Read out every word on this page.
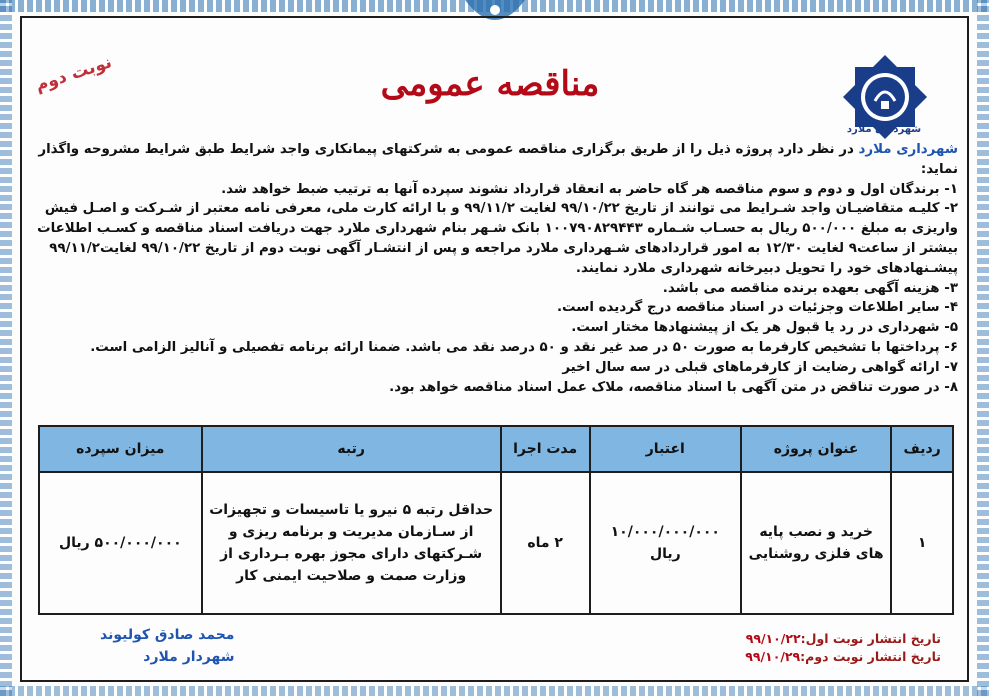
شهرداری ملارد
مناقصه عمومی
نوبت دوم

شهرداری ملارد در نظر دارد پروژه ذیل را از طریق برگزاری مناقصه عمومی به شرکتهای پیمانکاری واجد شرایط طبق شرایط مشروحه واگذار نماید:

۱- برندگان اول و دوم و سوم مناقصه هر گاه حاضر به انعقاد قرارداد نشوند سپرده آنها به ترتیب ضبط خواهد شد.

۲- کلیـه متقاضیـان واجد شـرایط می توانند از تاریخ ۹۹/۱۰/۲۲ لغایت ۹۹/۱۱/۲ و با ارائه کارت ملی، معرفی نامه معتبر از شـرکت و اصـل فیش واریزی به مبلغ ۵۰۰/۰۰۰ ریال به حسـاب شـماره ۱۰۰۷۹۰۸۲۹۴۴۳ بانک شـهر بنام شهرداری ملارد جهت دریافت اسناد مناقصه و کسـب اطلاعات بیشتر از ساعت۹ لغایت ۱۲/۳۰ به امور قراردادهای شـهرداری ملارد مراجعه و پس از انتشـار آگهی نوبت دوم از تاریخ ۹۹/۱۰/۲۲ لغایت۹۹/۱۱/۲ پیشـنهادهای خود را تحویل دبیرخانه شهرداری ملارد نمایند.

۳- هزینه آگهی بعهده برنده مناقصه می باشد.

۴- سایر اطلاعات وجزئیات در اسناد مناقصه درج گردیده است.

۵- شهرداری در رد یا قبول هر یک از پیشنهادها مختار است.

۶- پرداختها با تشخیص کارفرما به صورت ۵۰ در صد غیر نقد و ۵۰ درصد نقد می باشد. ضمنا ارائه برنامه تفصیلی و آنالیز الزامی است.

۷- ارائه گواهی رضایت از کارفرماهای قبلی در سه سال اخیر

۸- در صورت تناقض در متن آگهی با اسناد مناقصه، ملاک عمل اسناد مناقصه خواهد بود.

ردیف	عنوان پروژه	اعتبار	مدت اجرا	رتبه	میزان سپرده
۱	خرید و نصب پایه های فلزی روشنایی	۱۰/۰۰۰/۰۰۰/۰۰۰ ریال	۲ ماه	حداقل رتبه ۵ نیرو یا تاسیسات و تجهیزات از سـازمان مدیریت و برنامه ریزی و شـرکتهای دارای مجوز بهره بـرداری از وزارت صمت و صلاحیت ایمنی کار	۵۰۰/۰۰۰/۰۰۰ ریال
محمد صادق کولیوند
شهردار ملارد
تاریخ انتشار نوبت اول:۹۹/۱۰/۲۲
تاریخ انتشار نوبت دوم:۹۹/۱۰/۲۹
